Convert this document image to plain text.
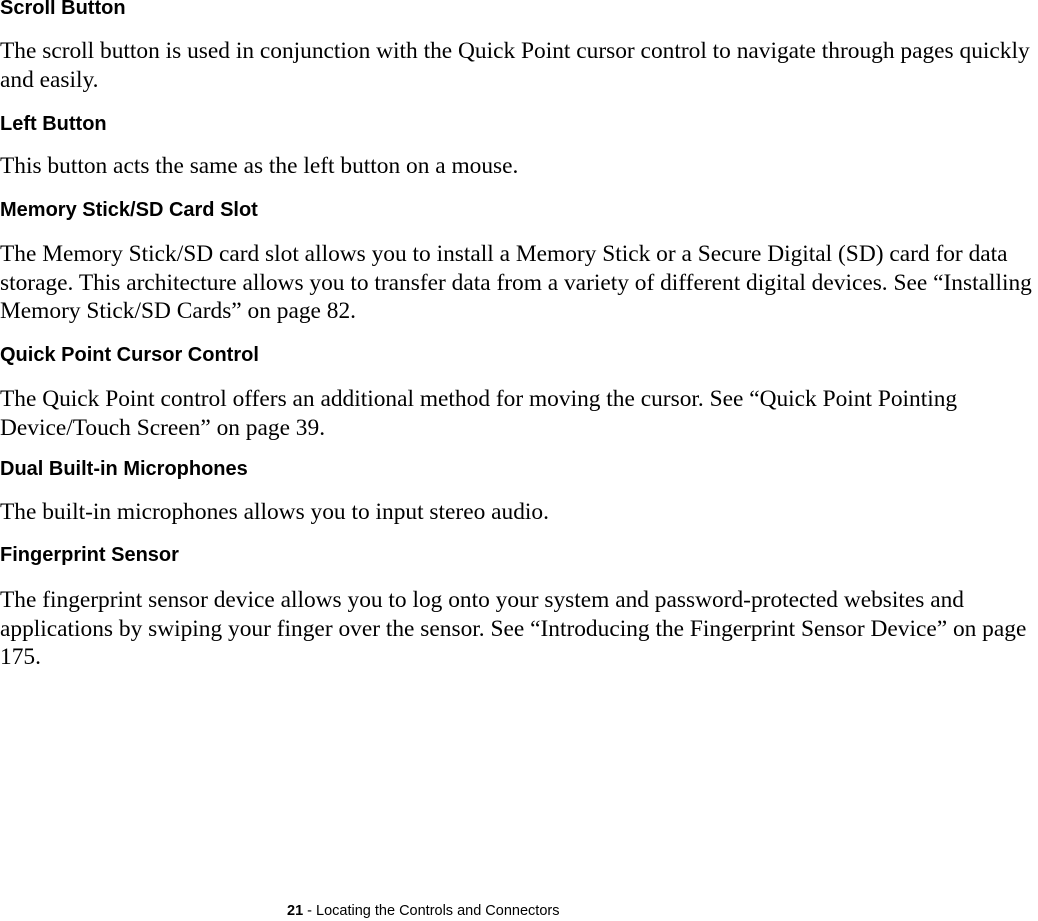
Scroll Button

The scroll button is used in conjunction with the Quick Point cursor control to navigate through pages quickly and easily.

Left Button

This button acts the same as the left button on a mouse.

Memory Stick/SD Card Slot

The Memory Stick/SD card slot allows you to install a Memory Stick or a Secure Digital (SD) card for data storage. This architecture allows you to transfer data from a variety of different digital devices. See “Installing Memory Stick/SD Cards” on page 82.

Quick Point Cursor Control

The Quick Point control offers an additional method for moving the cursor. See “Quick Point Pointing Device/Touch Screen” on page 39.

Dual Built-in Microphones

The built-in microphones allows you to input stereo audio.

Fingerprint Sensor

The fingerprint sensor device allows you to log onto your system and password-protected websites and applications by swiping your finger over the sensor. See “Introducing the Fingerprint Sensor Device” on page 175.

21 - Locating the Controls and Connectors
